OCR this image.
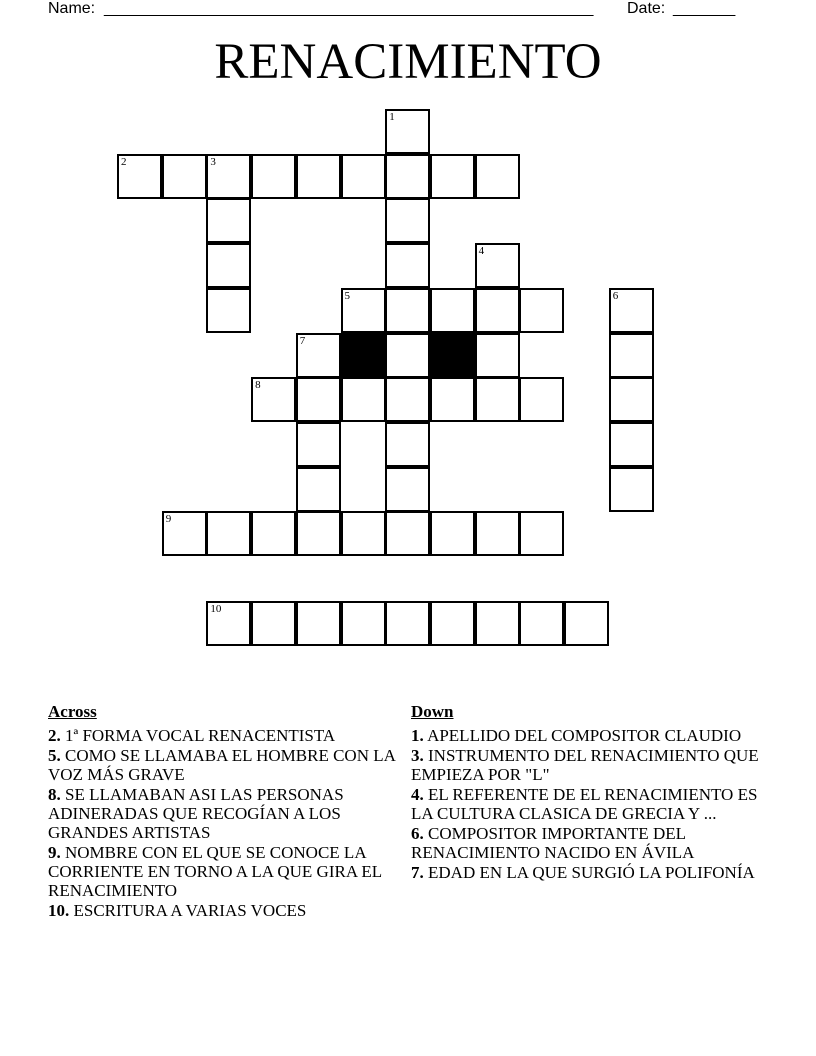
Name: _______________________________________________________ Date: _______
RENACIMIENTO
1
2	3
4
5	6
7
8
9
10
Across
2. 1ª FORMA VOCAL RENACENTISTA
5. COMO SE LLAMABA EL HOMBRE CON LA VOZ MÁS GRAVE
8. SE LLAMABAN ASI LAS PERSONAS ADINERADAS QUE RECOGÍAN A LOS GRANDES ARTISTAS
9. NOMBRE CON EL QUE SE CONOCE LA CORRIENTE EN TORNO A LA QUE GIRA EL RENACIMIENTO
10. ESCRITURA A VARIAS VOCES
Down
1. APELLIDO DEL COMPOSITOR CLAUDIO
3. INSTRUMENTO DEL RENACIMIENTO QUE EMPIEZA POR "L"
4. EL REFERENTE DE EL RENACIMIENTO ES LA CULTURA CLASICA DE GRECIA Y ...
6. COMPOSITOR IMPORTANTE DEL RENACIMIENTO NACIDO EN ÁVILA
7. EDAD EN LA QUE SURGIÓ LA POLIFONÍA
